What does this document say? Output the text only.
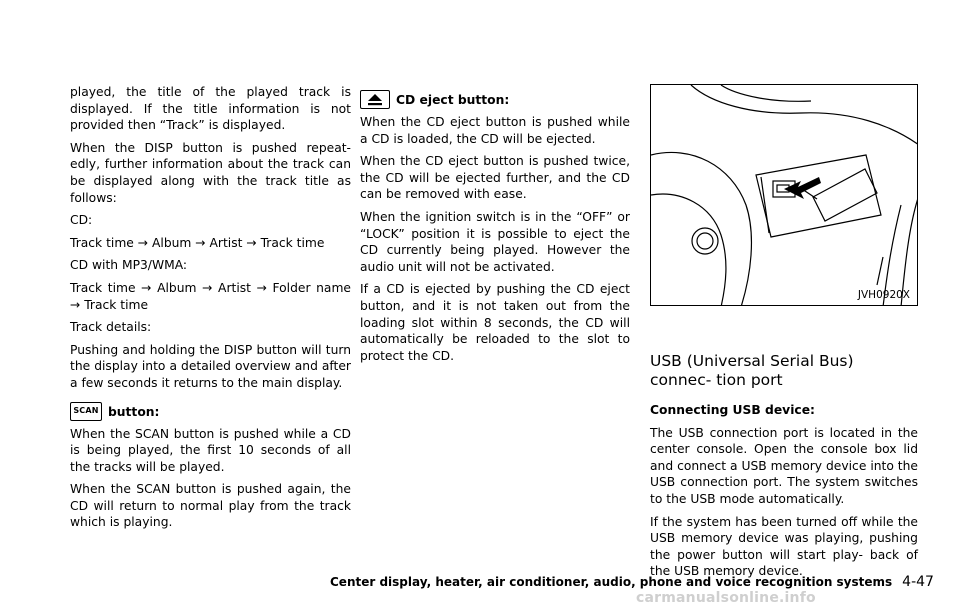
played, the title of the played track is displayed. If the title information is not provided then “Track” is displayed.

When the DISP button is pushed repeat- edly, further information about the track can be displayed along with the track title as follows:

CD:

Track time → Album → Artist → Track time

CD with MP3/WMA:

Track time → Album → Artist → Folder name → Track time

Track details:

Pushing and holding the DISP button will turn the display into a detailed overview and after a few seconds it returns to the main display.

SCAN button:

When the SCAN button is pushed while a CD is being played, the first 10 seconds of all the tracks will be played.

When the SCAN button is pushed again, the CD will return to normal play from the track which is playing.

CD eject button:

When the CD eject button is pushed while a CD is loaded, the CD will be ejected.

When the CD eject button is pushed twice, the CD will be ejected further, and the CD can be removed with ease.

When the ignition switch is in the “OFF” or “LOCK” position it is possible to eject the CD currently being played. However the audio unit will not be activated.

If a CD is ejected by pushing the CD eject button, and it is not taken out from the loading slot within 8 seconds, the CD will automatically be reloaded to the slot to protect the CD.

JVH0920X
USB (Universal Serial Bus) connec- tion port

Connecting USB device:

The USB connection port is located in the center console. Open the console box lid and connect a USB memory device into the USB connection port. The system switches to the USB mode automatically.

If the system has been turned off while the USB memory device was playing, pushing the power button will start play- back of the USB memory device.

Center display, heater, air conditioner, audio, phone and voice recognition systems 4-47
carmanualsonline.info
